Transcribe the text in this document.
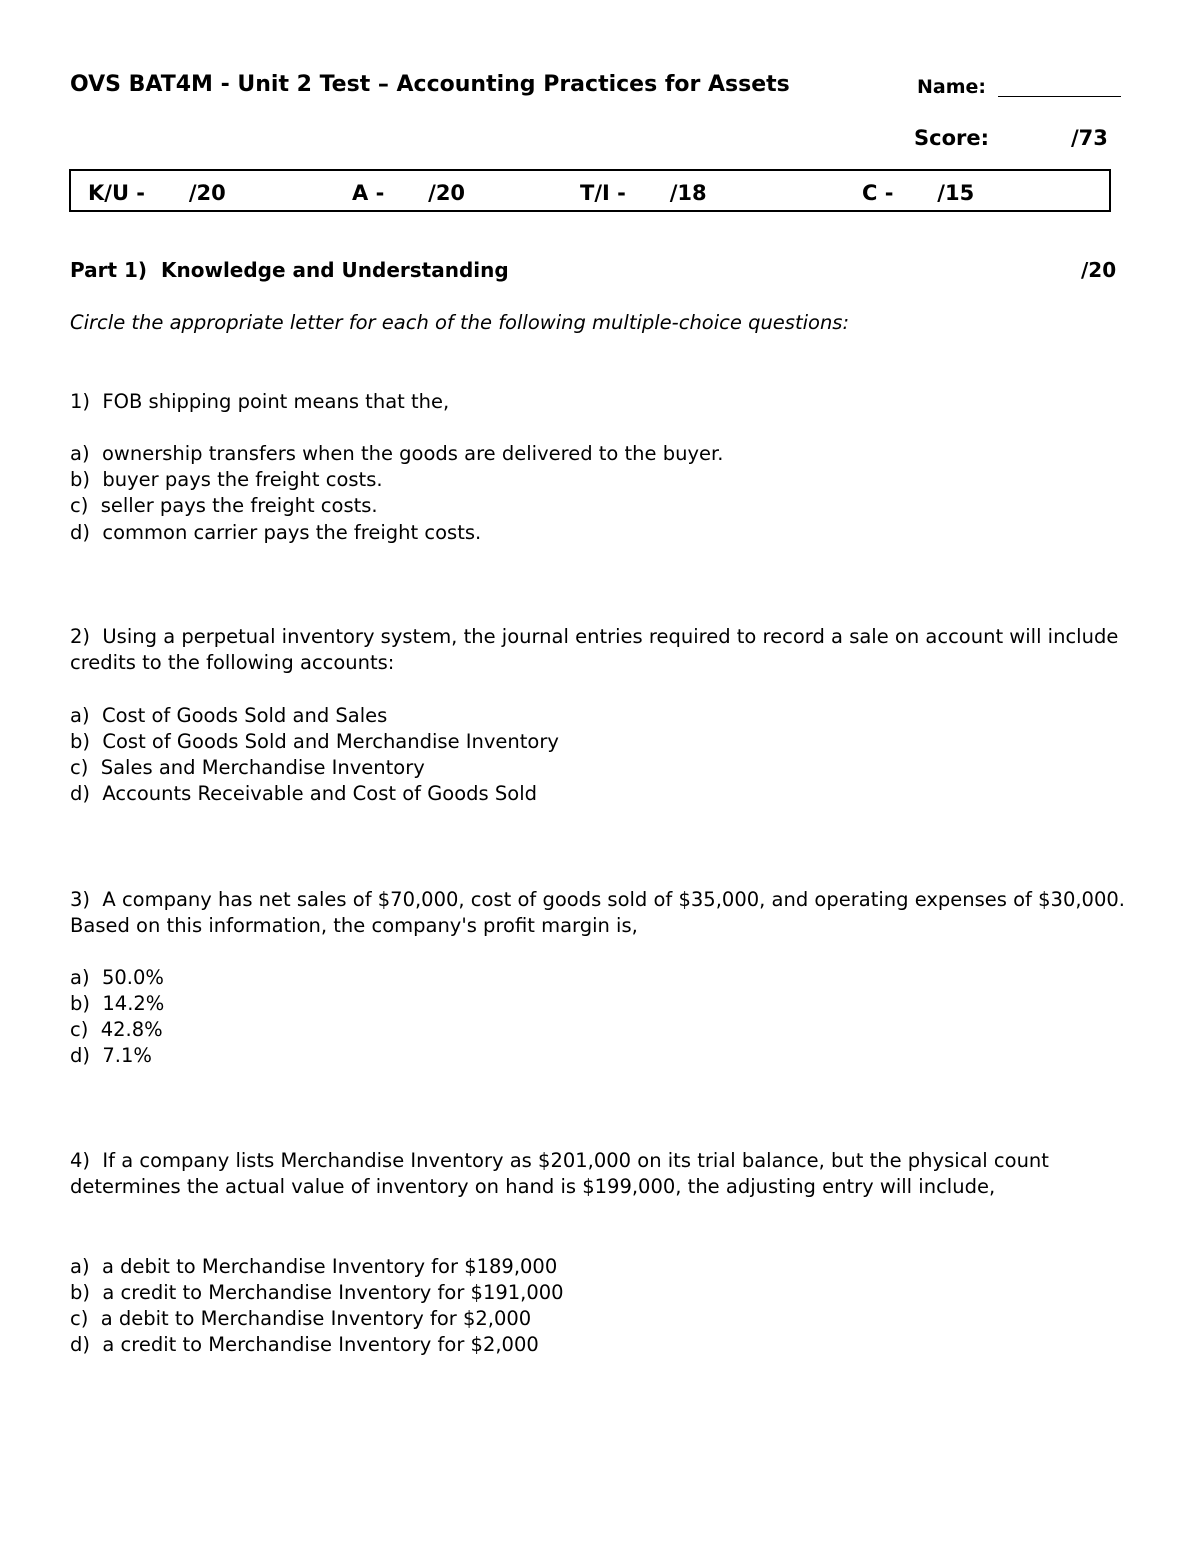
OVS BAT4M - Unit 2 Test – Accounting Practices for Assets	Name:
Score:	/73
K/U -      /20	A -      /20	T/I -      /18	C -      /15
Part 1)  Knowledge and Understanding	/20
Circle the appropriate letter for each of the following multiple-choice questions:
1)  FOB shipping point means that the,
a)  ownership transfers when the goods are delivered to the buyer.
b)  buyer pays the freight costs.
c)  seller pays the freight costs.
d)  common carrier pays the freight costs.
2)  Using a perpetual inventory system, the journal entries required to record a sale on account will include credits to the following accounts:
a)  Cost of Goods Sold and Sales
b)  Cost of Goods Sold and Merchandise Inventory
c)  Sales and Merchandise Inventory
d)  Accounts Receivable and Cost of Goods Sold
3)  A company has net sales of $70,000, cost of goods sold of $35,000, and operating expenses of $30,000. Based on this information, the company's profit margin is,
a)  50.0%
b)  14.2%
c)  42.8%
d)  7.1%
4)  If a company lists Merchandise Inventory as $201,000 on its trial balance, but the physical count determines the actual value of inventory on hand is $199,000, the adjusting entry will include,
a)  a debit to Merchandise Inventory for $189,000
b)  a credit to Merchandise Inventory for $191,000
c)  a debit to Merchandise Inventory for $2,000
d)  a credit to Merchandise Inventory for $2,000
